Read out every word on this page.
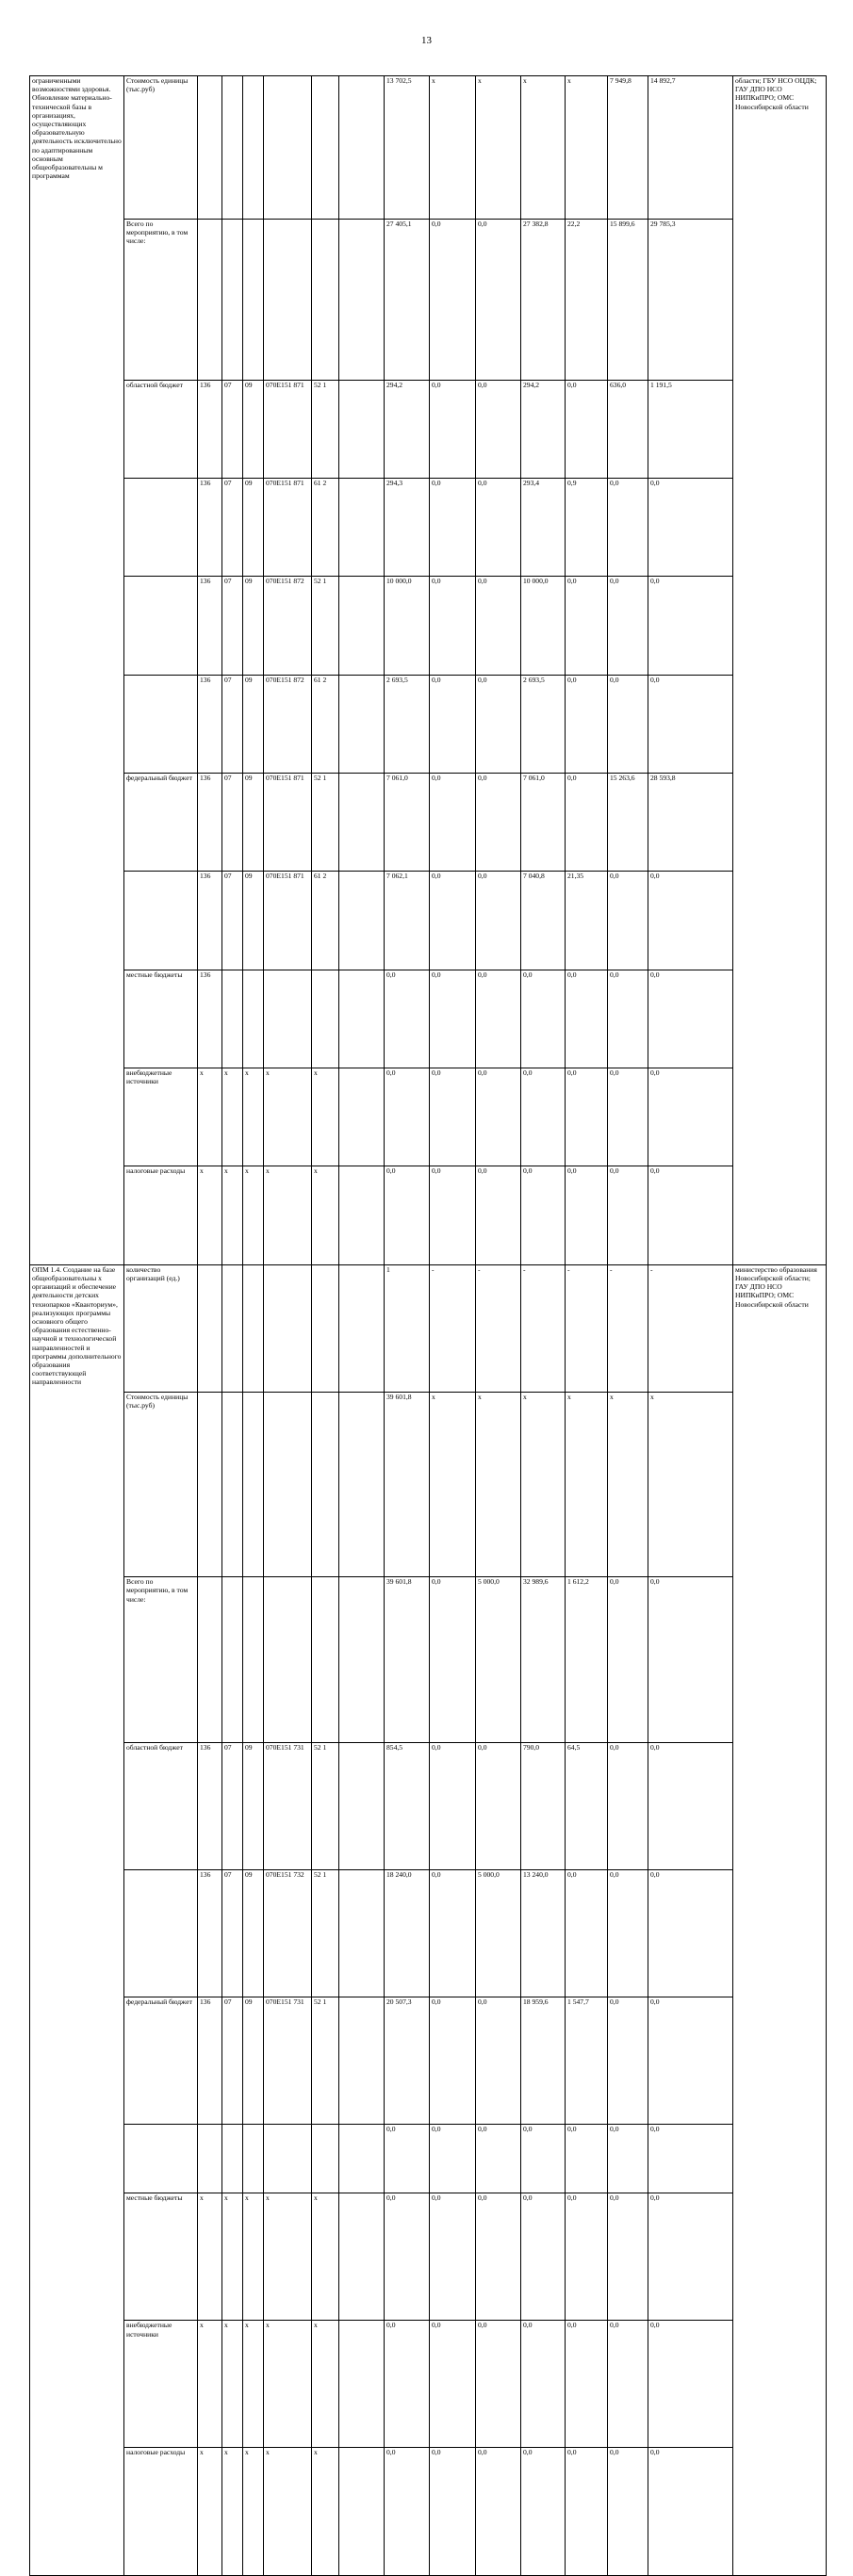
13
ограниченными возможностями здоровья. Обновление материально-технической базы в организациях, осуществляющих образовательную деятельность исключительно по адаптированным основным общеобразовательны м программам	Стоимость единицы (тыс.руб)							13 702,5	x	x	x	x	7 949,8	14 892,7	области; ГБУ НСО ОЦДК; ГАУ ДПО НСО НИПКиПРО; ОМС Новосибирской области	
	Всего по мероприятию, в том числе:							27 405,1	0,0	0,0	27 382,8	22,2	15 899,6	29 785,3		
	областной бюджет	136	07	09	070Е151 871	52 1		294,2	0,0	0,0	294,2	0,0	636,0	1 191,5		
		136	07	09	070Е151 871	61 2		294,3	0,0	0,0	293,4	0,9	0,0	0,0		
		136	07	09	070Е151 872	52 1		10 000,0	0,0	0,0	10 000,0	0,0	0,0	0,0		
		136	07	09	070Е151 872	61 2		2 693,5	0,0	0,0	2 693,5	0,0	0,0	0,0		
	федеральный бюджет	136	07	09	070Е151 871	52 1		7 061,0	0,0	0,0	7 061,0	0,0	15 263,6	28 593,8		
		136	07	09	070Е151 871	61 2		7 062,1	0,0	0,0	7 040,8	21,35	0,0	0,0		
	местные бюджеты	136						0,0	0,0	0,0	0,0	0,0	0,0	0,0		
	внебюджетные источники	x	x	x	x	x		0,0	0,0	0,0	0,0	0,0	0,0	0,0		
	налоговые расходы	x	x	x	x	x		0,0	0,0	0,0	0,0	0,0	0,0	0,0		
ОПМ 1.4. Создание на базе общеобразовательны х организаций и обеспечение деятельности детских технопарков «Кванториум», реализующих программы основного общего образования естественно-научной и технологической направленностей и программы дополнительного образования соответствующей направленности	количество организаций (ед.)							1	-	-	-	-	-	-	министерство образования Новосибирской области; ГАУ ДПО НСО НИПКиПРО; ОМС Новосибирской области	
	Стоимость единицы (тыс.руб)							39 601,8	x	x	x	x	x	x		
	Всего по мероприятию, в том числе:							39 601,8	0,0	5 000,0	32 989,6	1 612,2	0,0	0,0		
	областной бюджет	136	07	09	070Е151 731	52 1		854,5	0,0	0,0	790,0	64,5	0,0	0,0		
		136	07	09	070Е151 732	52 1		18 240,0	0,0	5 000,0	13 240,0	0,0	0,0	0,0		
	федеральный бюджет	136	07	09	070Е151 731	52 1		20 507,3	0,0	0,0	18 959,6	1 547,7	0,0	0,0		
								0,0	0,0	0,0	0,0	0,0	0,0	0,0		
	местные бюджеты	x	x	x	x	x		0,0	0,0	0,0	0,0	0,0	0,0	0,0		
	внебюджетные источники	x	x	x	x	x		0,0	0,0	0,0	0,0	0,0	0,0	0,0		
	налоговые расходы	x	x	x	x	x		0,0	0,0	0,0	0,0	0,0	0,0	0,0		
